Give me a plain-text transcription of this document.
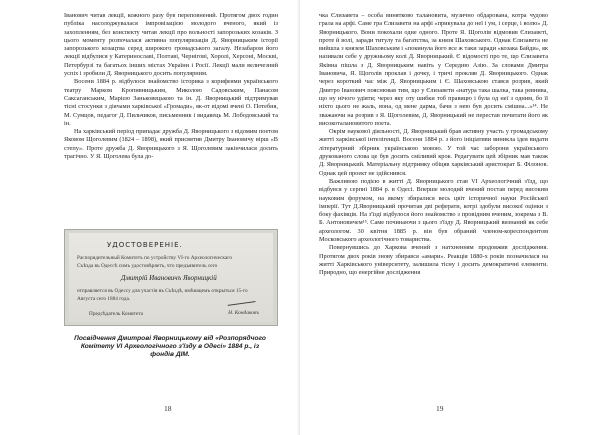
Іванович читав лекції, кожного разу був переповнений. Протягом двох годин публіка насолоджувалася імпровізацією молодого вченого, який із захопленням, без конспекту читав лекції про вольності запорозьких козаків. З цього моменту розпочалася активна популяризація Д. Яворницьким історії запорозького козацтва серед широкого громадського загалу. Незабаром його лекції відбулися у Катеринославі, Полтаві, Чернігові, Хоролі, Херсоні, Москві, Петербурзі та багатьох інших містах України і Росії. Лекції мали величезний успіх і зробили Д. Яворницького досить популярним.

Восени 1884 р. відбулося знайомство історика з корифеями українського театру Марком Кропивницьким, Миколою Садовським, Панасом Саксаганським, Марією Заньковецькою та ін. Д. Яворницький підтримував тісні стосунки з діячами харківської «Громади», як-от відомі вчені О. Потебня, М. Сумцов, педагог Д. Пильчиков, письменник і видавець М. Лободовський та ін.

На харківський період припадає дружба Д. Яворницького з відомим поетом Яковом Щоголевим (1824 – 1898), який присвятив Дмитру Івановичу вірш «В степу». Проте дружба Д. Яворницького з Я. Щоголевим закінчилася досить трагічно. У Я. Щоголева була до-

УДОСТОВЕРЕНІЕ.
Распорядительный Комитетъ по устройству VІ-го Археологическаго
Съѣзда въ Одессѣ симъ удостовѣряетъ, что предъявитель сего
Дмитрій Ивановичъ Яворницкій
отправляется въ Одессу для участія въ Съѣздѣ, имѣющемъ открыться 15-го
Августа сего 1884 года.
Предсѣдатель Комитета	Н. Кондаковъ
Посвідчення Дмитрові Яворницькому від «Розпорядчого Комітету VI Археологічного з'їзду в Одесі» 1884 р., із фондів ДІМ.
18

чка Єлизавета – особа винятково талановита, музично обдарована, котра чудово грала на арфі. Саме гра Єлизавети на арфі «прикувала до неї і ум, і серце, і волю» Д. Яворницького. Вони покохали одне одного. Проте Я. Щоголів відмовив Єлизаветі, проте й волі, заради титулу та багатства, за князя Шаховського. Однак Єлизавета не вийшла з князем Шаховським і «покинула його все ж таки заради «козака Байди», як називали себе у дружньому колі Д. Яворницький. Є відомості про те, що Єлизавета Яківна пішла з Д. Яворницьким навіть у Середню Азію. За словами Дмитра Івановича, Я. Щоголів проклав і дочку, і тричі прокляв Д. Яворницького. Однак через короткий час між Д. Яворницьким і Є. Шаховською стався розрив, який Дмитро Іванович пояснював тим, що у Єлизавети «натура така шалка, така ревнива, що ну нічого удіяти; через яку оту шибки тоб правицю і була од неї з одним, бо її ніхто цього не жаль, вона, од мене дарма, бачи з нею був досить смішна...»¹⁴. Не зважаючи на розрив з Я. Щоголевим, Д. Яворницький не перестав почитати його як високоталановитого поета.

Окрім наукової діяльності, Д. Яворницький брав активну участь у громадському житті харківської інтелігенції. Восени 1884 р. з його ініціативи виникла ідея видати літературний збірник українською мовою. У той час заборони українського друкованого слова це був досить сміливий крок. Редагувати цей збірник мав також Д. Яворницький. Матеріальну підтримку обіцяв харківський аристократ Б. Філонов. Однак цей проект не здійснився.

Важливою подією в житті Д. Яворницького став VI Археологічний з'їзд, що відбувся у серпні 1884 р. в Одесі. Вперше молодий вчений постав перед високим науковим форумом, на якому збиралися весь цвіт історичної науки Російської імперії. Тут Д.Яворницький прочитав дві реферати, котрі здобули високої оцінки з боку фахівців. На з'їзді відбулося його знайомство з провідним вченим, зокрема з В. Б. Антоновичем¹⁵. Саме починаючи з цього з'їзду Д. Яворницький визнаний як себе археологом. 30 квітня 1885 р. він був обраний членом-кореспондентом Московського археологічного товариства.

Повернувшись до Харкова вчений з натхненням продовжив дослідження. Протягом двох років знову збирався «амари». Реакція 1880-х років позначилася на житті Харківського університету, залишила тісну і досить демократичні елементи. Природно, що енергійне дослідження

19
